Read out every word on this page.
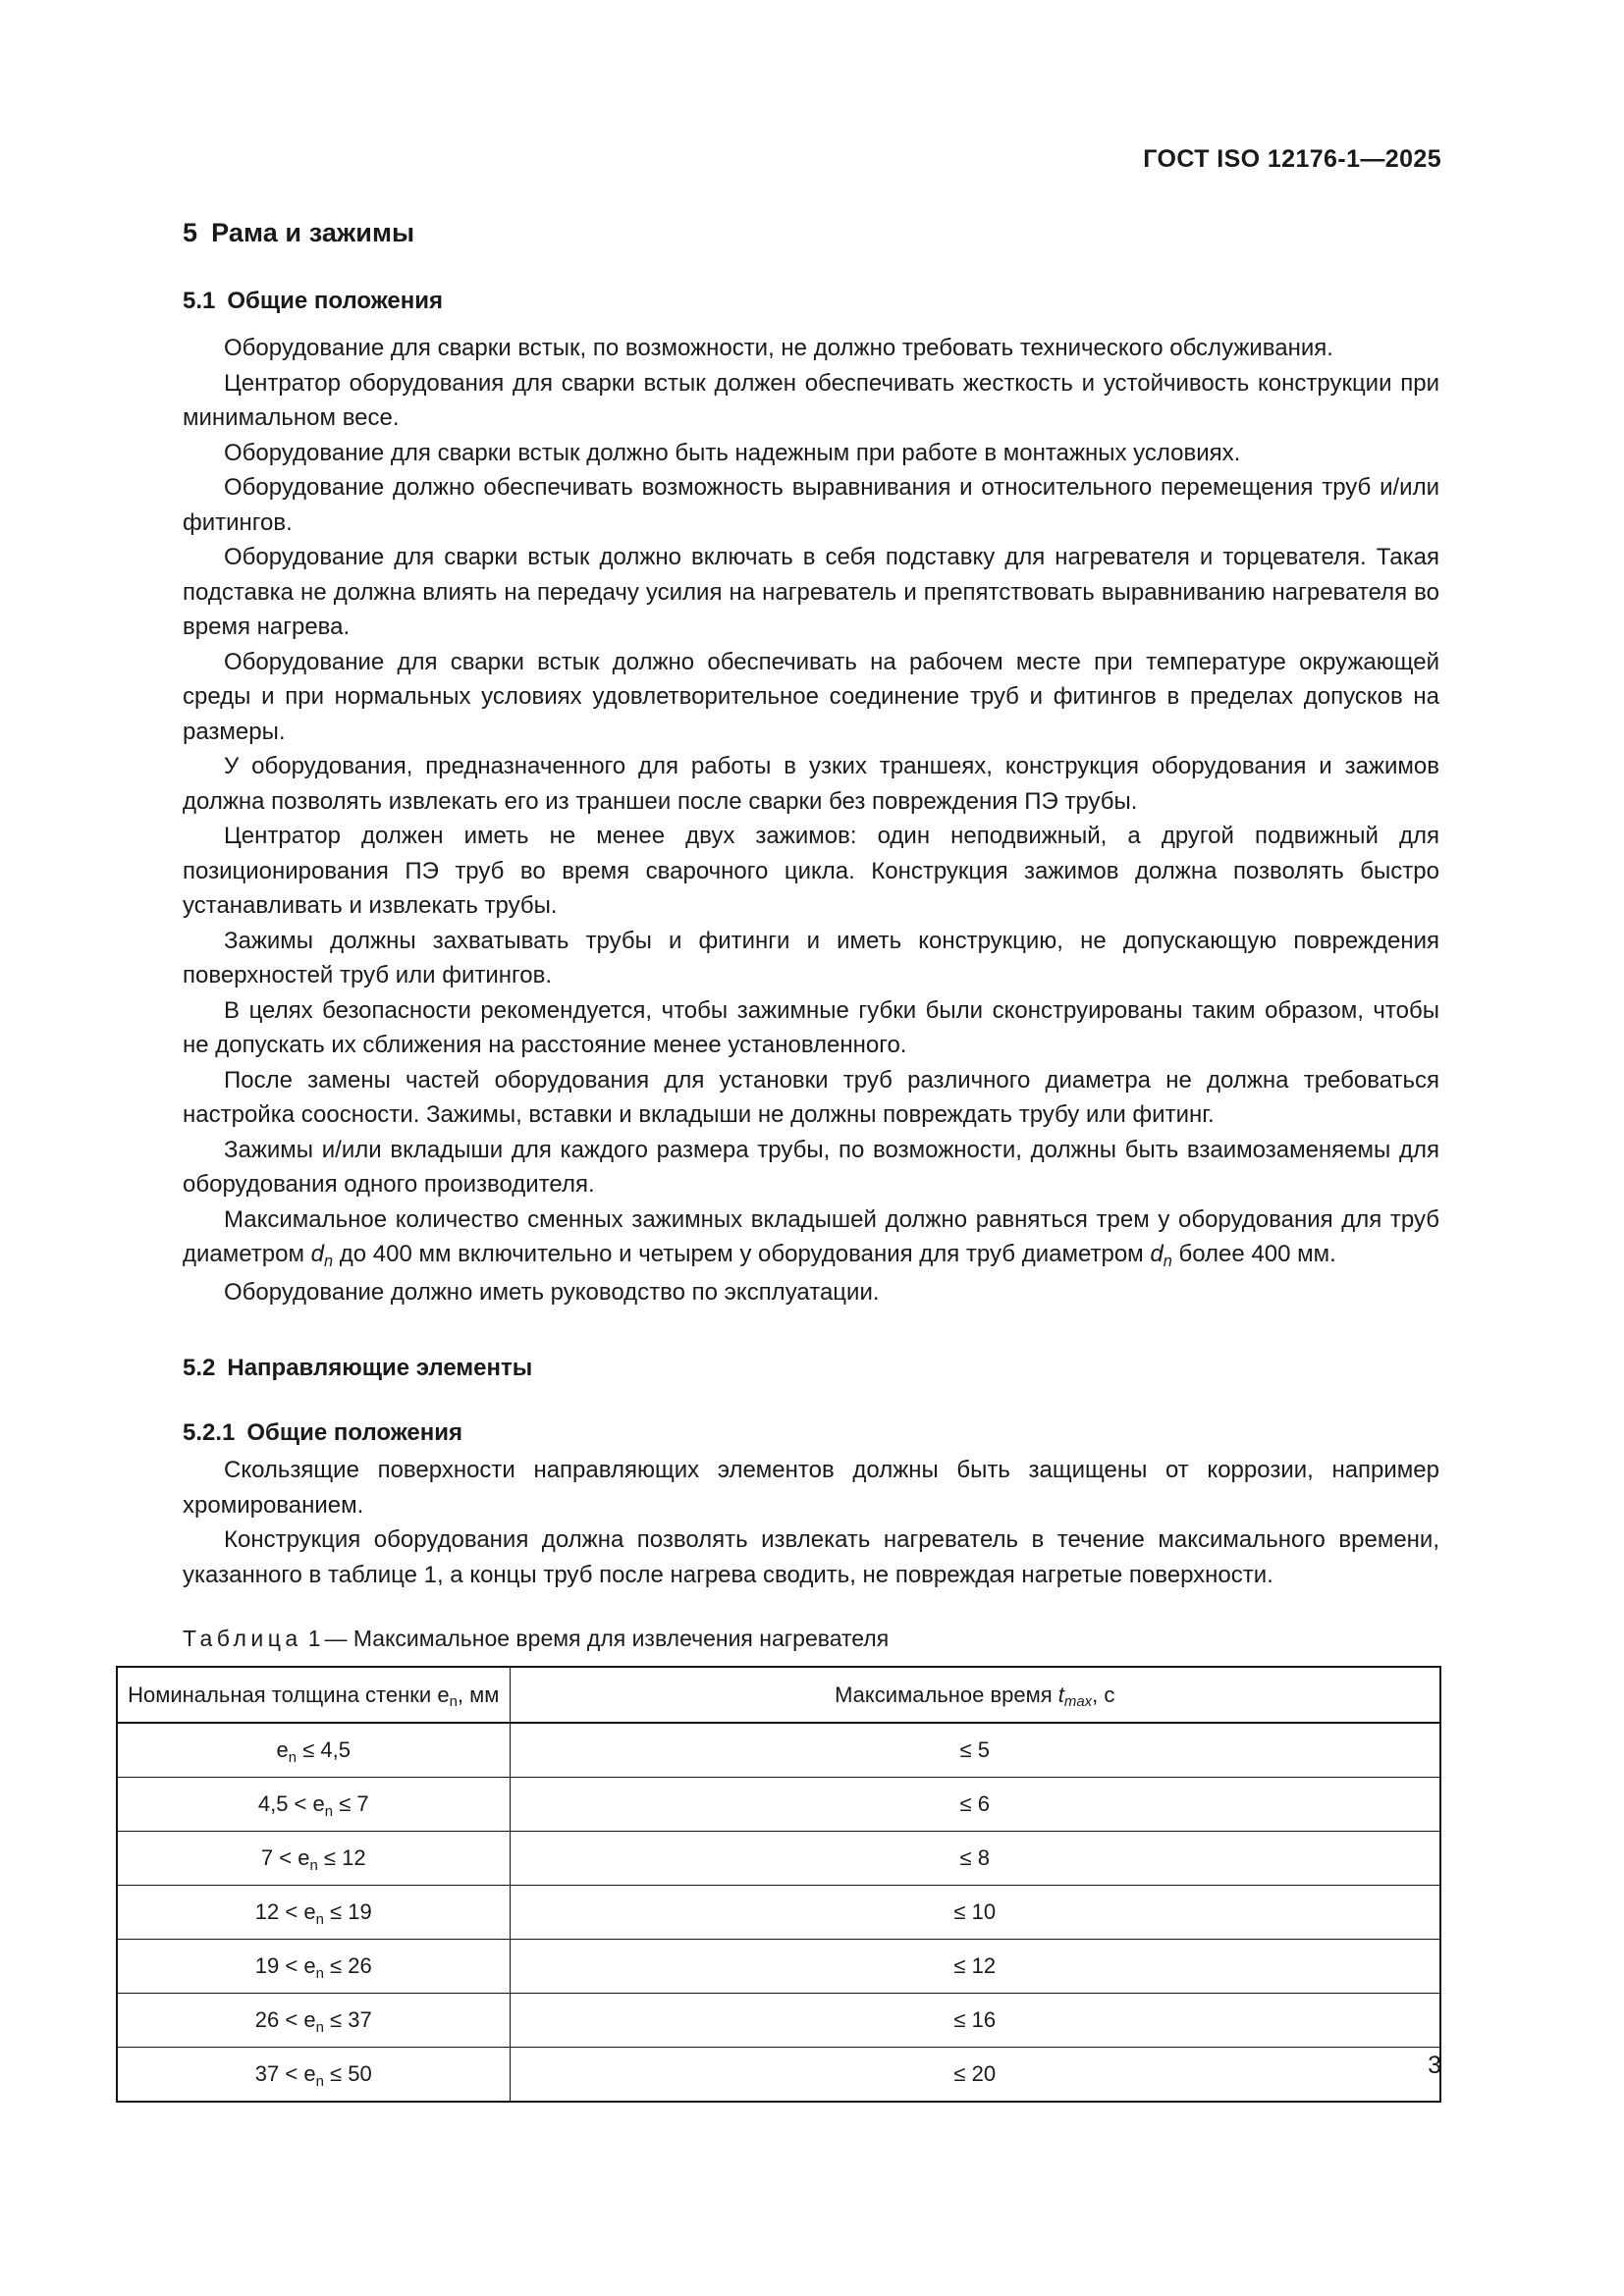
ГОСТ ISO 12176-1—2025
5 Рама и зажимы
5.1 Общие положения

Оборудование для сварки встык, по возможности, не должно требовать технического обслуживания.

Центратор оборудования для сварки встык должен обеспечивать жесткость и устойчивость конструкции при минимальном весе.

Оборудование для сварки встык должно быть надежным при работе в монтажных условиях.

Оборудование должно обеспечивать возможность выравнивания и относительного перемещения труб и/или фитингов.

Оборудование для сварки встык должно включать в себя подставку для нагревателя и торцевателя. Такая подставка не должна влиять на передачу усилия на нагреватель и препятствовать выравниванию нагревателя во время нагрева.

Оборудование для сварки встык должно обеспечивать на рабочем месте при температуре окружающей среды и при нормальных условиях удовлетворительное соединение труб и фитингов в пределах допусков на размеры.

У оборудования, предназначенного для работы в узких траншеях, конструкция оборудования и зажимов должна позволять извлекать его из траншеи после сварки без повреждения ПЭ трубы.

Центратор должен иметь не менее двух зажимов: один неподвижный, а другой подвижный для позиционирования ПЭ труб во время сварочного цикла. Конструкция зажимов должна позволять быстро устанавливать и извлекать трубы.

Зажимы должны захватывать трубы и фитинги и иметь конструкцию, не допускающую повреждения поверхностей труб или фитингов.

В целях безопасности рекомендуется, чтобы зажимные губки были сконструированы таким образом, чтобы не допускать их сближения на расстояние менее установленного.

После замены частей оборудования для установки труб различного диаметра не должна требоваться настройка соосности. Зажимы, вставки и вкладыши не должны повреждать трубу или фитинг.

Зажимы и/или вкладыши для каждого размера трубы, по возможности, должны быть взаимозаменяемы для оборудования одного производителя.

Максимальное количество сменных зажимных вкладышей должно равняться трем у оборудования для труб диаметром $d_n$ до 400 мм включительно и четырем у оборудования для труб диаметром $d_n$ более 400 мм.

Оборудование должно иметь руководство по эксплуатации.

5.2 Направляющие элементы
5.2.1 Общие положения

Скользящие поверхности направляющих элементов должны быть защищены от коррозии, например хромированием.

Конструкция оборудования должна позволять извлекать нагреватель в течение максимального времени, указанного в таблице 1, а концы труб после нагрева сводить, не повреждая нагретые поверхности.

Таблица 1 — Максимальное время для извлечения нагревателя

Номинальная толщина стенки $e_n$, мм	Максимальное время $t_{max}$, с
$e_n \le 4,5$	≤ 5
$4,5 < e_n \le 7$	≤ 6
$7 < e_n \le 12$	≤ 8
$12 < e_n \le 19$	≤ 10
$19 < e_n \le 26$	≤ 12
$26 < e_n \le 37$	≤ 16
$37 < e_n \le 50$	≤ 20	3
